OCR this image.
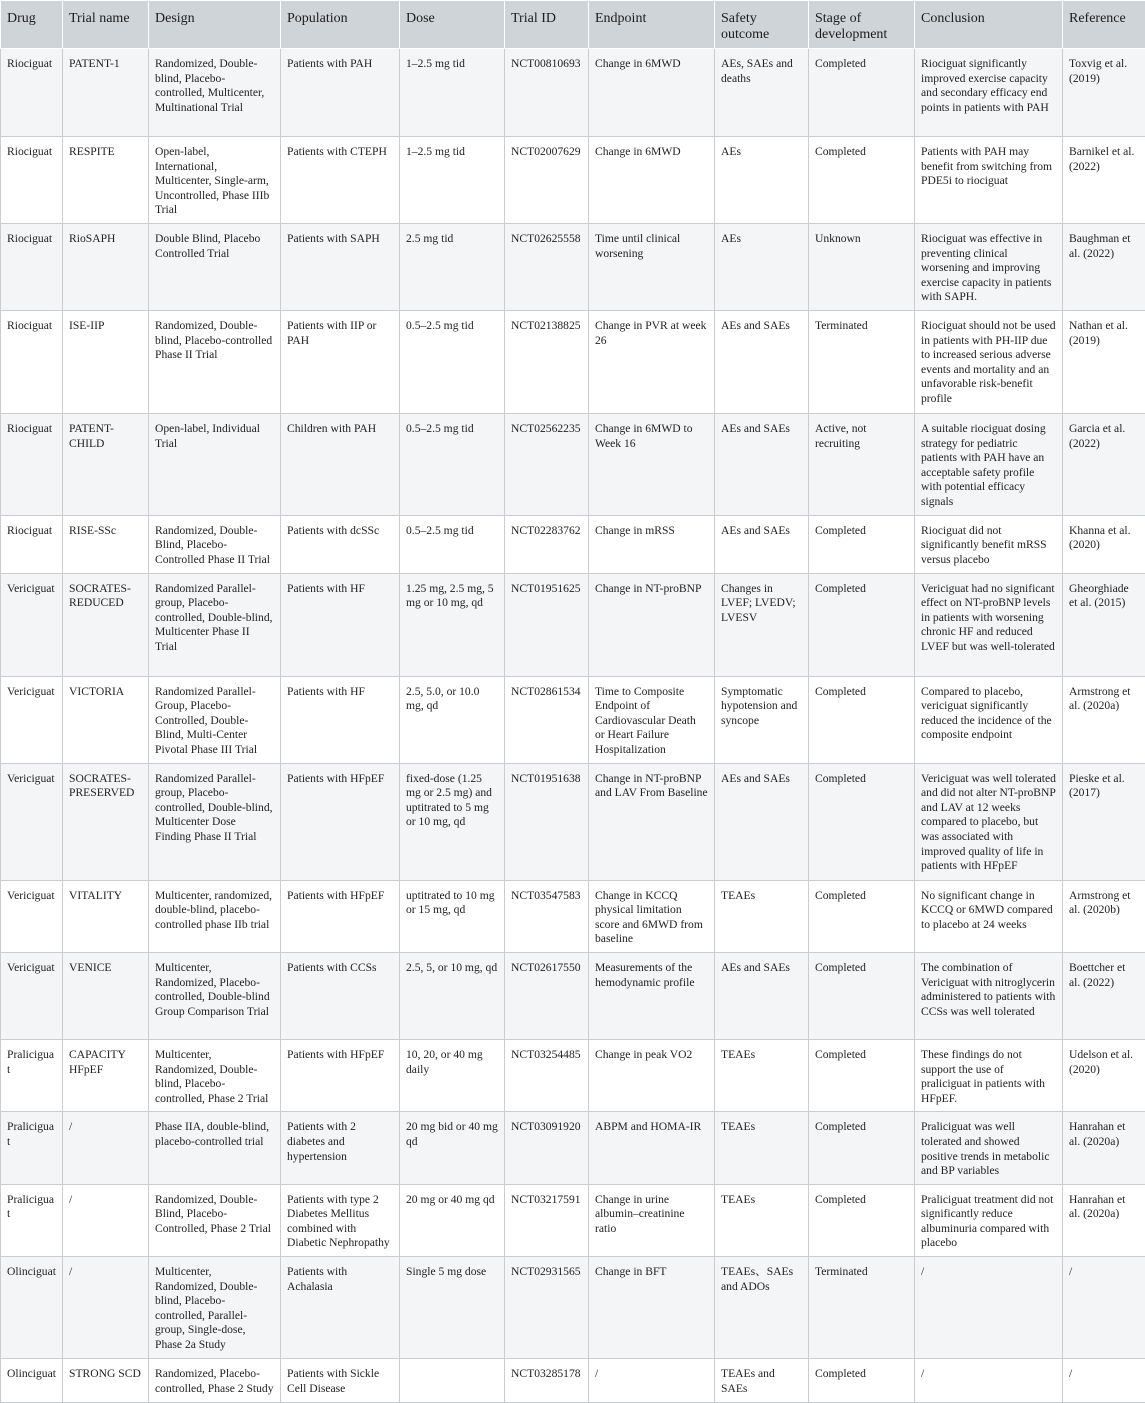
Drug	Trial name	Design	Population	Dose	Trial ID	Endpoint	Safety outcome	Stage of development	Conclusion	Reference
Riociguat	PATENT-1	Randomized, Double-blind, Placebo-controlled, Multicenter, Multinational Trial	Patients with PAH	1–2.5 mg tid	NCT00810693	Change in 6MWD	AEs, SAEs and deaths	Completed	Riociguat significantly improved exercise capacity and secondary efficacy end points in patients with PAH	Toxvig et al. (2019)
Riociguat	RESPITE	Open-label, International, Multicenter, Single-arm, Uncontrolled, Phase IIIb Trial	Patients with CTEPH	1–2.5 mg tid	NCT02007629	Change in 6MWD	AEs	Completed	Patients with PAH may benefit from switching from PDE5i to riociguat	Barnikel et al. (2022)
Riociguat	RioSAPH	Double Blind, Placebo Controlled Trial	Patients with SAPH	2.5 mg tid	NCT02625558	Time until clinical worsening	AEs	Unknown	Riociguat was effective in preventing clinical worsening and improving exercise capacity in patients with SAPH.	Baughman et al. (2022)
Riociguat	ISE-IIP	Randomized, Double-blind, Placebo-controlled Phase II Trial	Patients with IIP or PAH	0.5–2.5 mg tid	NCT02138825	Change in PVR at week 26	AEs and SAEs	Terminated	Riociguat should not be used in patients with PH-IIP due to increased serious adverse events and mortality and an unfavorable risk-benefit profile	Nathan et al. (2019)
Riociguat	PATENT-CHILD	Open-label, Individual Trial	Children with PAH	0.5–2.5 mg tid	NCT02562235	Change in 6MWD to Week 16	AEs and SAEs	Active, not recruiting	A suitable riociguat dosing strategy for pediatric patients with PAH have an acceptable safety profile with potential efficacy signals	Garcia et al. (2022)
Riociguat	RISE-SSc	Randomized, Double-Blind, Placebo-Controlled Phase II Trial	Patients with dcSSc	0.5–2.5 mg tid	NCT02283762	Change in mRSS	AEs and SAEs	Completed	Riociguat did not significantly benefit mRSS versus placebo	Khanna et al. (2020)
Vericiguat	SOCRATES-REDUCED	Randomized Parallel-group, Placebo-controlled, Double-blind, Multicenter Phase II Trial	Patients with HF	1.25 mg, 2.5 mg, 5 mg or 10 mg, qd	NCT01951625	Change in NT-proBNP	Changes in LVEF; LVEDV; LVESV	Completed	Vericiguat had no significant effect on NT-proBNP levels in patients with worsening chronic HF and reduced LVEF but was well-tolerated	Gheorghiade et al. (2015)
Vericiguat	VICTORIA	Randomized Parallel-Group, Placebo-Controlled, Double-Blind, Multi-Center Pivotal Phase III Trial	Patients with HF	2.5, 5.0, or 10.0 mg, qd	NCT02861534	Time to Composite Endpoint of Cardiovascular Death or Heart Failure Hospitalization	Symptomatic hypotension and syncope	Completed	Compared to placebo, vericiguat significantly reduced the incidence of the composite endpoint	Armstrong et al. (2020a)
Vericiguat	SOCRATES-PRESERVED	Randomized Parallel-group, Placebo-controlled, Double-blind, Multicenter Dose Finding Phase II Trial	Patients with HFpEF	fixed-dose (1.25 mg or 2.5 mg) and uptitrated to 5 mg or 10 mg, qd	NCT01951638	Change in NT-proBNP and LAV From Baseline	AEs and SAEs	Completed	Vericiguat was well tolerated and did not alter NT-proBNP and LAV at 12 weeks compared to placebo, but was associated with improved quality of life in patients with HFpEF	Pieske et al. (2017)
Vericiguat	VITALITY	Multicenter, randomized, double-blind, placebo-controlled phase IIb trial	Patients with HFpEF	uptitrated to 10 mg or 15 mg, qd	NCT03547583	Change in KCCQ physical limitation score and 6MWD from baseline	TEAEs	Completed	No significant change in KCCQ or 6MWD compared to placebo at 24 weeks	Armstrong et al. (2020b)
Vericiguat	VENICE	Multicenter, Randomized, Placebo-controlled, Double-blind Group Comparison Trial	Patients with CCSs	2.5, 5, or 10 mg, qd	NCT02617550	Measurements of the hemodynamic profile	AEs and SAEs	Completed	The combination of Vericiguat with nitroglycerin administered to patients with CCSs was well tolerated	Boettcher et al. (2022)
Praliciguat	CAPACITY HFpEF	Multicenter, Randomized, Double-blind, Placebo-controlled, Phase 2 Trial	Patients with HFpEF	10, 20, or 40 mg daily	NCT03254485	Change in peak VO2	TEAEs	Completed	These findings do not support the use of praliciguat in patients with HFpEF.	Udelson et al. (2020)
Praliciguat	/	Phase IIA, double-blind, placebo-controlled trial	Patients with 2 diabetes and hypertension	20 mg bid or 40 mg qd	NCT03091920	ABPM and HOMA-IR	TEAEs	Completed	Praliciguat was well tolerated and showed positive trends in metabolic and BP variables	Hanrahan et al. (2020a)
Praliciguat	/	Randomized, Double-Blind, Placebo-Controlled, Phase 2 Trial	Patients with type 2 Diabetes Mellitus combined with Diabetic Nephropathy	20 mg or 40 mg qd	NCT03217591	Change in urine albumin–creatinine ratio	TEAEs	Completed	Praliciguat treatment did not significantly reduce albuminuria compared with placebo	Hanrahan et al. (2020a)
Olinciguat	/	Multicenter, Randomized, Double-blind, Placebo-controlled, Parallel-group, Single-dose, Phase 2a Study	Patients with Achalasia	Single 5 mg dose	NCT02931565	Change in BFT	TEAEs、SAEs and ADOs	Terminated	/	/
Olinciguat	STRONG SCD	Randomized, Placebo-controlled, Phase 2 Study	Patients with Sickle Cell Disease		NCT03285178	/	TEAEs and SAEs	Completed	/	/
